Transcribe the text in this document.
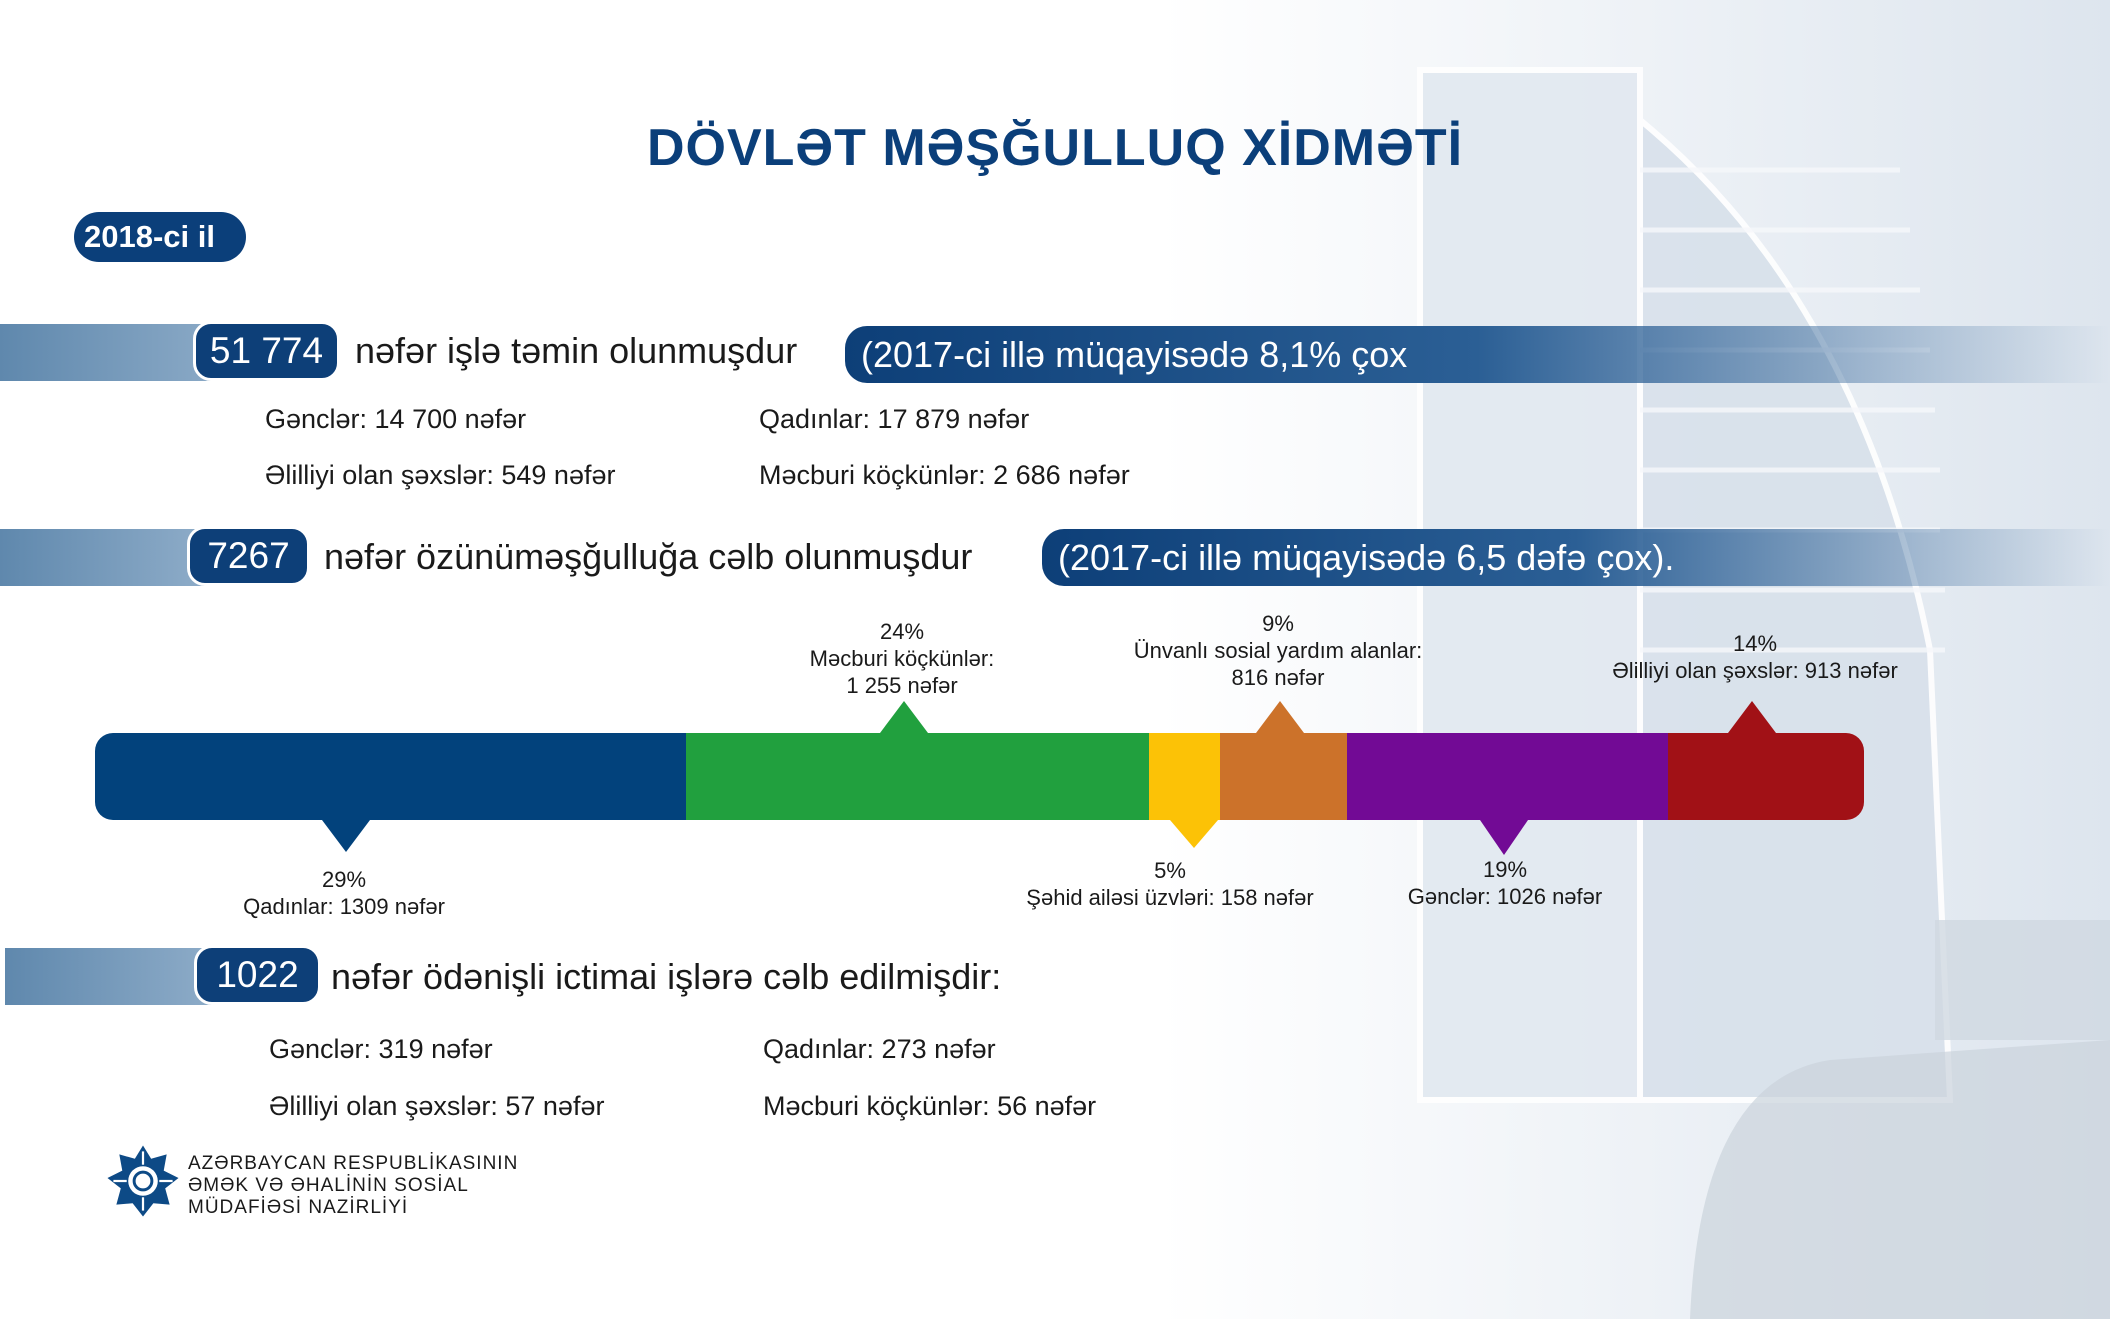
DÖVLƏT MƏŞĞULLUQ XİDMƏTİ
2018-ci il
51 774 nəfər işlə təmin olunmuşdur	(2017-ci illə müqayisədə 8,1% çox
Gənclər: 14 700 nəfər	Qadınlar: 17 879 nəfər
Əlilliyi olan şəxslər: 549 nəfər	Məcburi köçkünlər: 2 686 nəfər
7267 nəfər özünüməşğulluğa cəlb olunmuşdur	(2017-ci illə müqayisədə 6,5 dəfə çox).
29%
Qadınlar: 1309 nəfər
24%
Məcburi köçkünlər:
1 255 nəfər
5%
Şəhid ailəsi üzvləri: 158 nəfər
9%
Ünvanlı sosial yardım alanlar:
816 nəfər
19%
Gənclər: 1026 nəfər
14%
Əlilliyi olan şəxslər: 913 nəfər
1022 nəfər ödənişli ictimai işlərə cəlb edilmişdir:
Gənclər: 319 nəfər	Qadınlar: 273 nəfər
Əlilliyi olan şəxslər: 57 nəfər	Məcburi köçkünlər: 56 nəfər
AZƏRBAYCAN RESPUBLİKASININ
ƏMƏK VƏ ƏHALİNİN SOSİAL
MÜDAFİƏSİ NAZİRLİYİ
